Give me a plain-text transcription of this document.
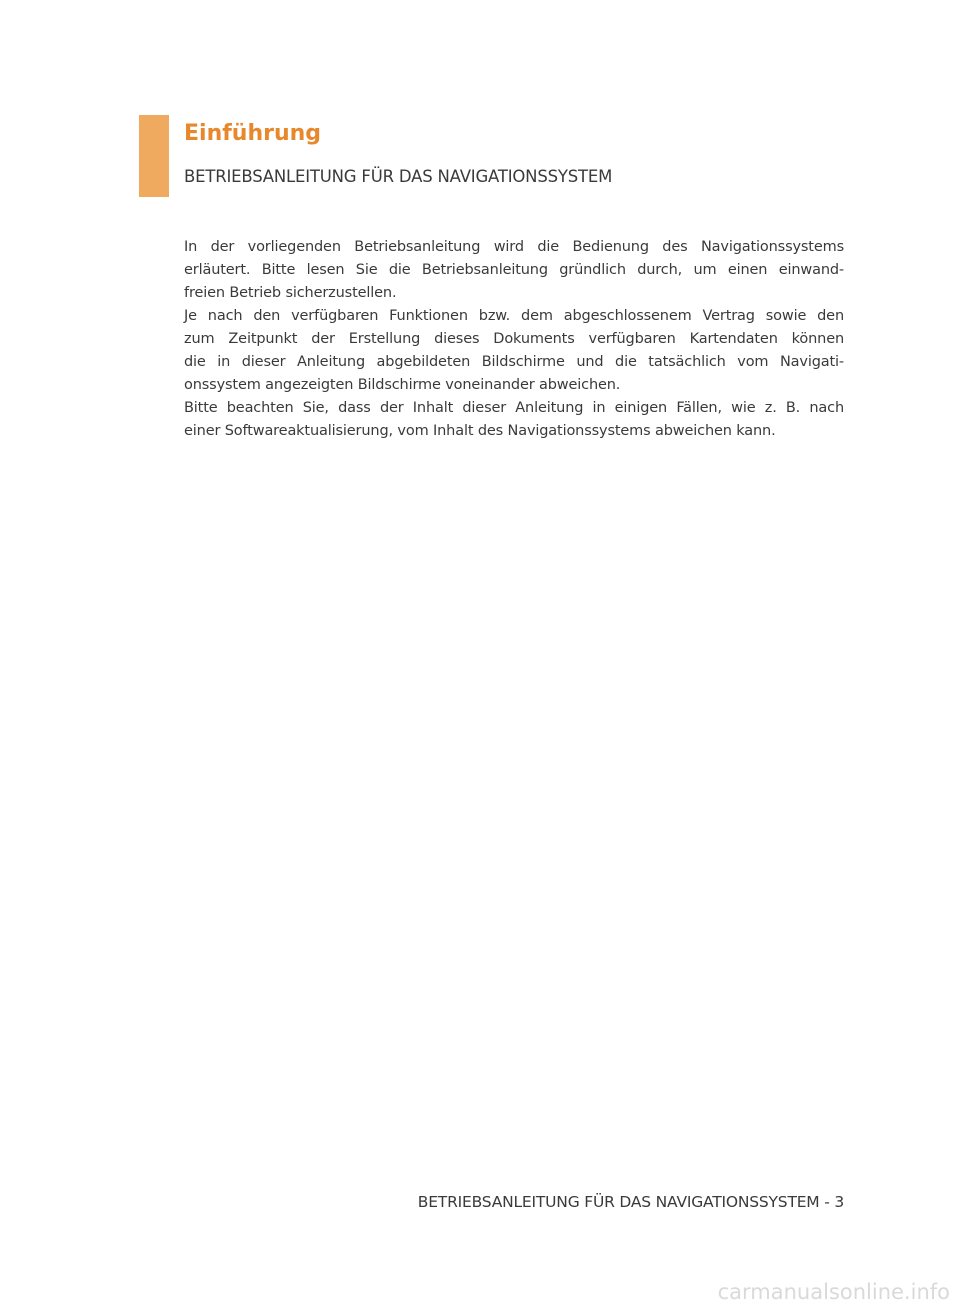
Einführung
BETRIEBSANLEITUNG FÜR DAS NAVIGATIONSSYSTEM
In der vorliegenden Betriebsanleitung wird die Bedienung des Navigationssystems
erläutert. Bitte lesen Sie die Betriebsanleitung gründlich durch, um einen einwand-
freien Betrieb sicherzustellen.
Je nach den verfügbaren Funktionen bzw. dem abgeschlossenem Vertrag sowie den
zum Zeitpunkt der Erstellung dieses Dokuments verfügbaren Kartendaten können
die in dieser Anleitung abgebildeten Bildschirme und die tatsächlich vom Navigati-
onssystem angezeigten Bildschirme voneinander abweichen.
Bitte beachten Sie, dass der Inhalt dieser Anleitung in einigen Fällen, wie z. B. nach
einer Softwareaktualisierung, vom Inhalt des Navigationssystems abweichen kann.

BETRIEBSANLEITUNG FÜR DAS NAVIGATIONSSYSTEM - 3

carmanualsonline.info
